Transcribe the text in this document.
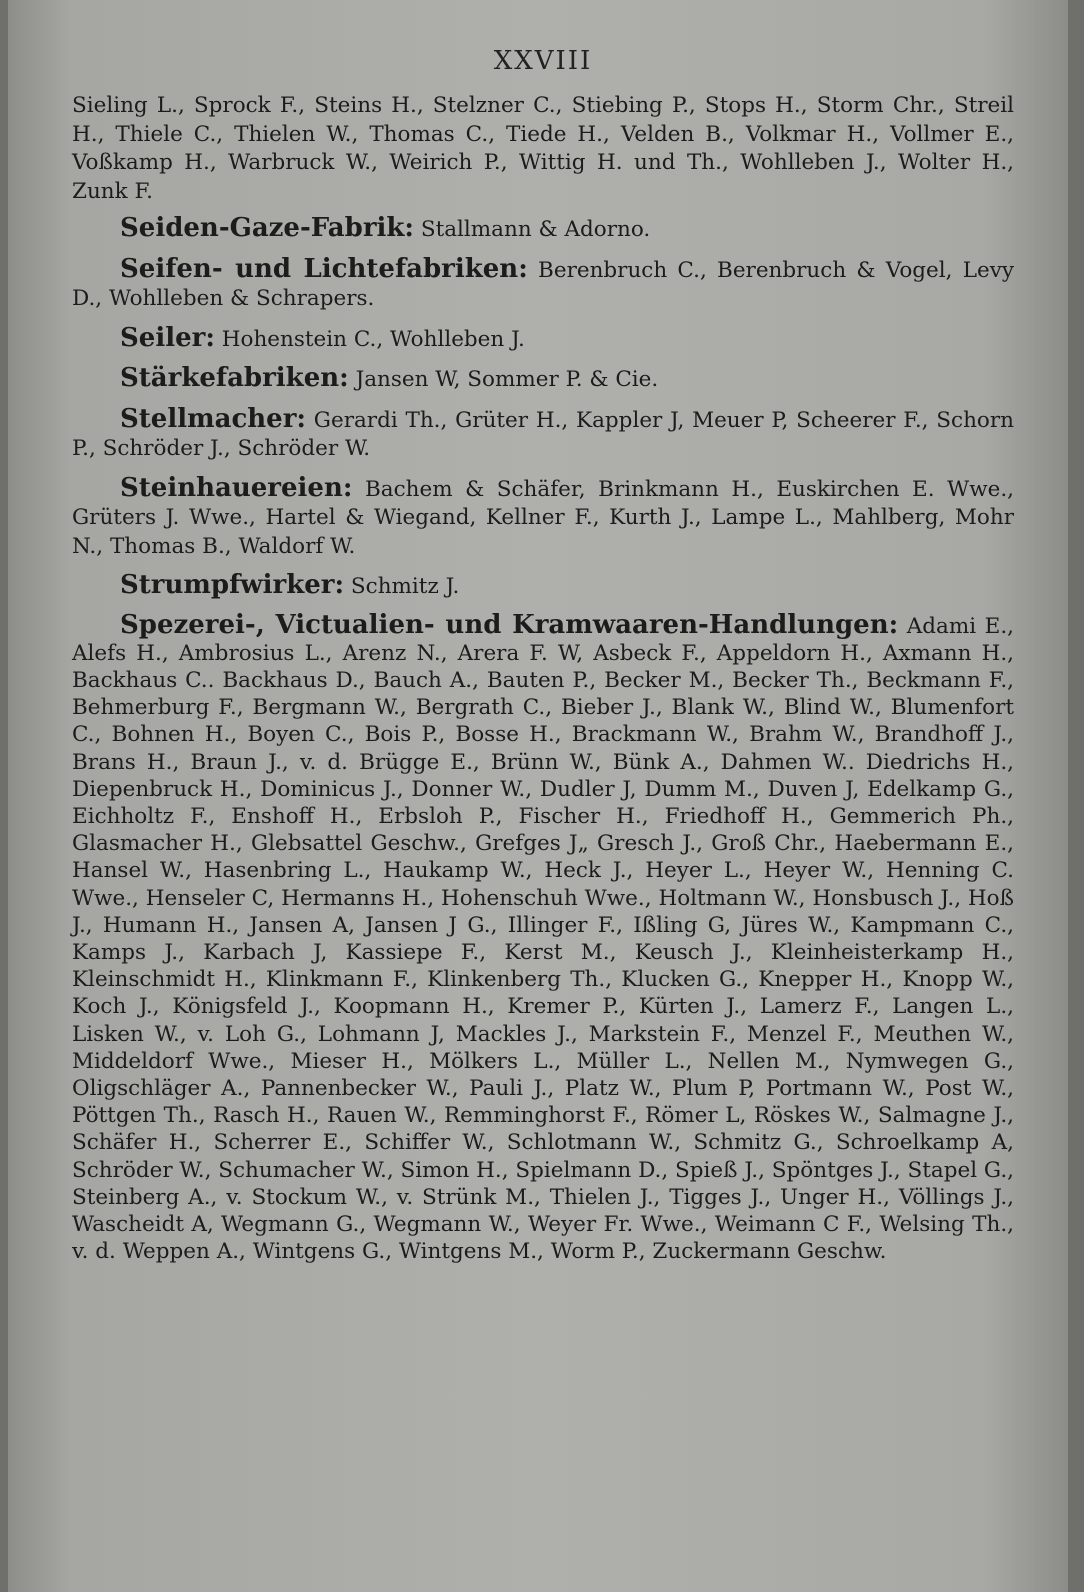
XXVIII

Sieling L., Sprock F., Steins H., Stelzner C., Stiebing P., Stops H., Storm Chr., Streil H., Thiele C., Thielen W., Thomas C., Tiede H., Velden B., Volkmar H., Vollmer E., Voßkamp H., Warbruck W., Weirich P., Wittig H. und Th., Wohlleben J., Wolter H., Zunk F.

Seiden-Gaze-Fabrik: Stallmann & Adorno.

Seifen- und Lichtefabriken: Berenbruch C., Berenbruch & Vogel, Levy D., Wohlleben & Schrapers.

Seiler: Hohenstein C., Wohlleben J.

Stärkefabriken: Jansen W, Sommer P. & Cie.

Stellmacher: Gerardi Th., Grüter H., Kappler J, Meuer P, Scheerer F., Schorn P., Schröder J., Schröder W.

Steinhauereien: Bachem & Schäfer, Brinkmann H., Euskirchen E. Wwe., Grüters J. Wwe., Hartel & Wiegand, Kellner F., Kurth J., Lampe L., Mahlberg, Mohr N., Thomas B., Waldorf W.

Strumpfwirker: Schmitz J.

Spezerei-, Victualien- und Kramwaaren-Handlungen: Adami E., Alefs H., Ambrosius L., Arenz N., Arera F. W, Asbeck F., Appeldorn H., Axmann H., Backhaus C.. Backhaus D., Bauch A., Bauten P., Becker M., Becker Th., Beckmann F., Behmerburg F., Bergmann W., Bergrath C., Bieber J., Blank W., Blind W., Blumenfort C., Bohnen H., Boyen C., Bois P., Bosse H., Brackmann W., Brahm W., Brandhoff J., Brans H., Braun J., v. d. Brügge E., Brünn W., Bünk A., Dahmen W.. Diedrichs H., Diepenbruck H., Dominicus J., Donner W., Dudler J, Dumm M., Duven J, Edelkamp G., Eichholtz F., Enshoff H., Erbsloh P., Fischer H., Friedhoff H., Gemmerich Ph., Glasmacher H., Glebsattel Geschw., Grefges J„ Gresch J., Groß Chr., Haebermann E., Hansel W., Hasenbring L., Haukamp W., Heck J., Heyer L., Heyer W., Henning C. Wwe., Henseler C, Hermanns H., Hohenschuh Wwe., Holtmann W., Honsbusch J., Hoß J., Humann H., Jansen A, Jansen J G., Illinger F., Ißling G, Jüres W., Kampmann C., Kamps J., Karbach J, Kassiepe F., Kerst M., Keusch J., Kleinheisterkamp H., Kleinschmidt H., Klinkmann F., Klinkenberg Th., Klucken G., Knepper H., Knopp W., Koch J., Königsfeld J., Koopmann H., Kremer P., Kürten J., Lamerz F., Langen L., Lisken W., v. Loh G., Lohmann J, Mackles J., Markstein F., Menzel F., Meuthen W., Middeldorf Wwe., Mieser H., Mölkers L., Müller L., Nellen M., Nymwegen G., Oligschläger A., Pannenbecker W., Pauli J., Platz W., Plum P, Portmann W., Post W., Pöttgen Th., Rasch H., Rauen W., Remminghorst F., Römer L, Röskes W., Salmagne J., Schäfer H., Scherrer E., Schiffer W., Schlotmann W., Schmitz G., Schroelkamp A, Schröder W., Schumacher W., Simon H., Spielmann D., Spieß J., Spöntges J., Stapel G., Steinberg A., v. Stockum W., v. Strünk M., Thielen J., Tigges J., Unger H., Völlings J., Wascheidt A, Wegmann G., Wegmann W., Weyer Fr. Wwe., Weimann C F., Welsing Th., v. d. Weppen A., Wintgens G., Wintgens M., Worm P., Zuckermann Geschw.
